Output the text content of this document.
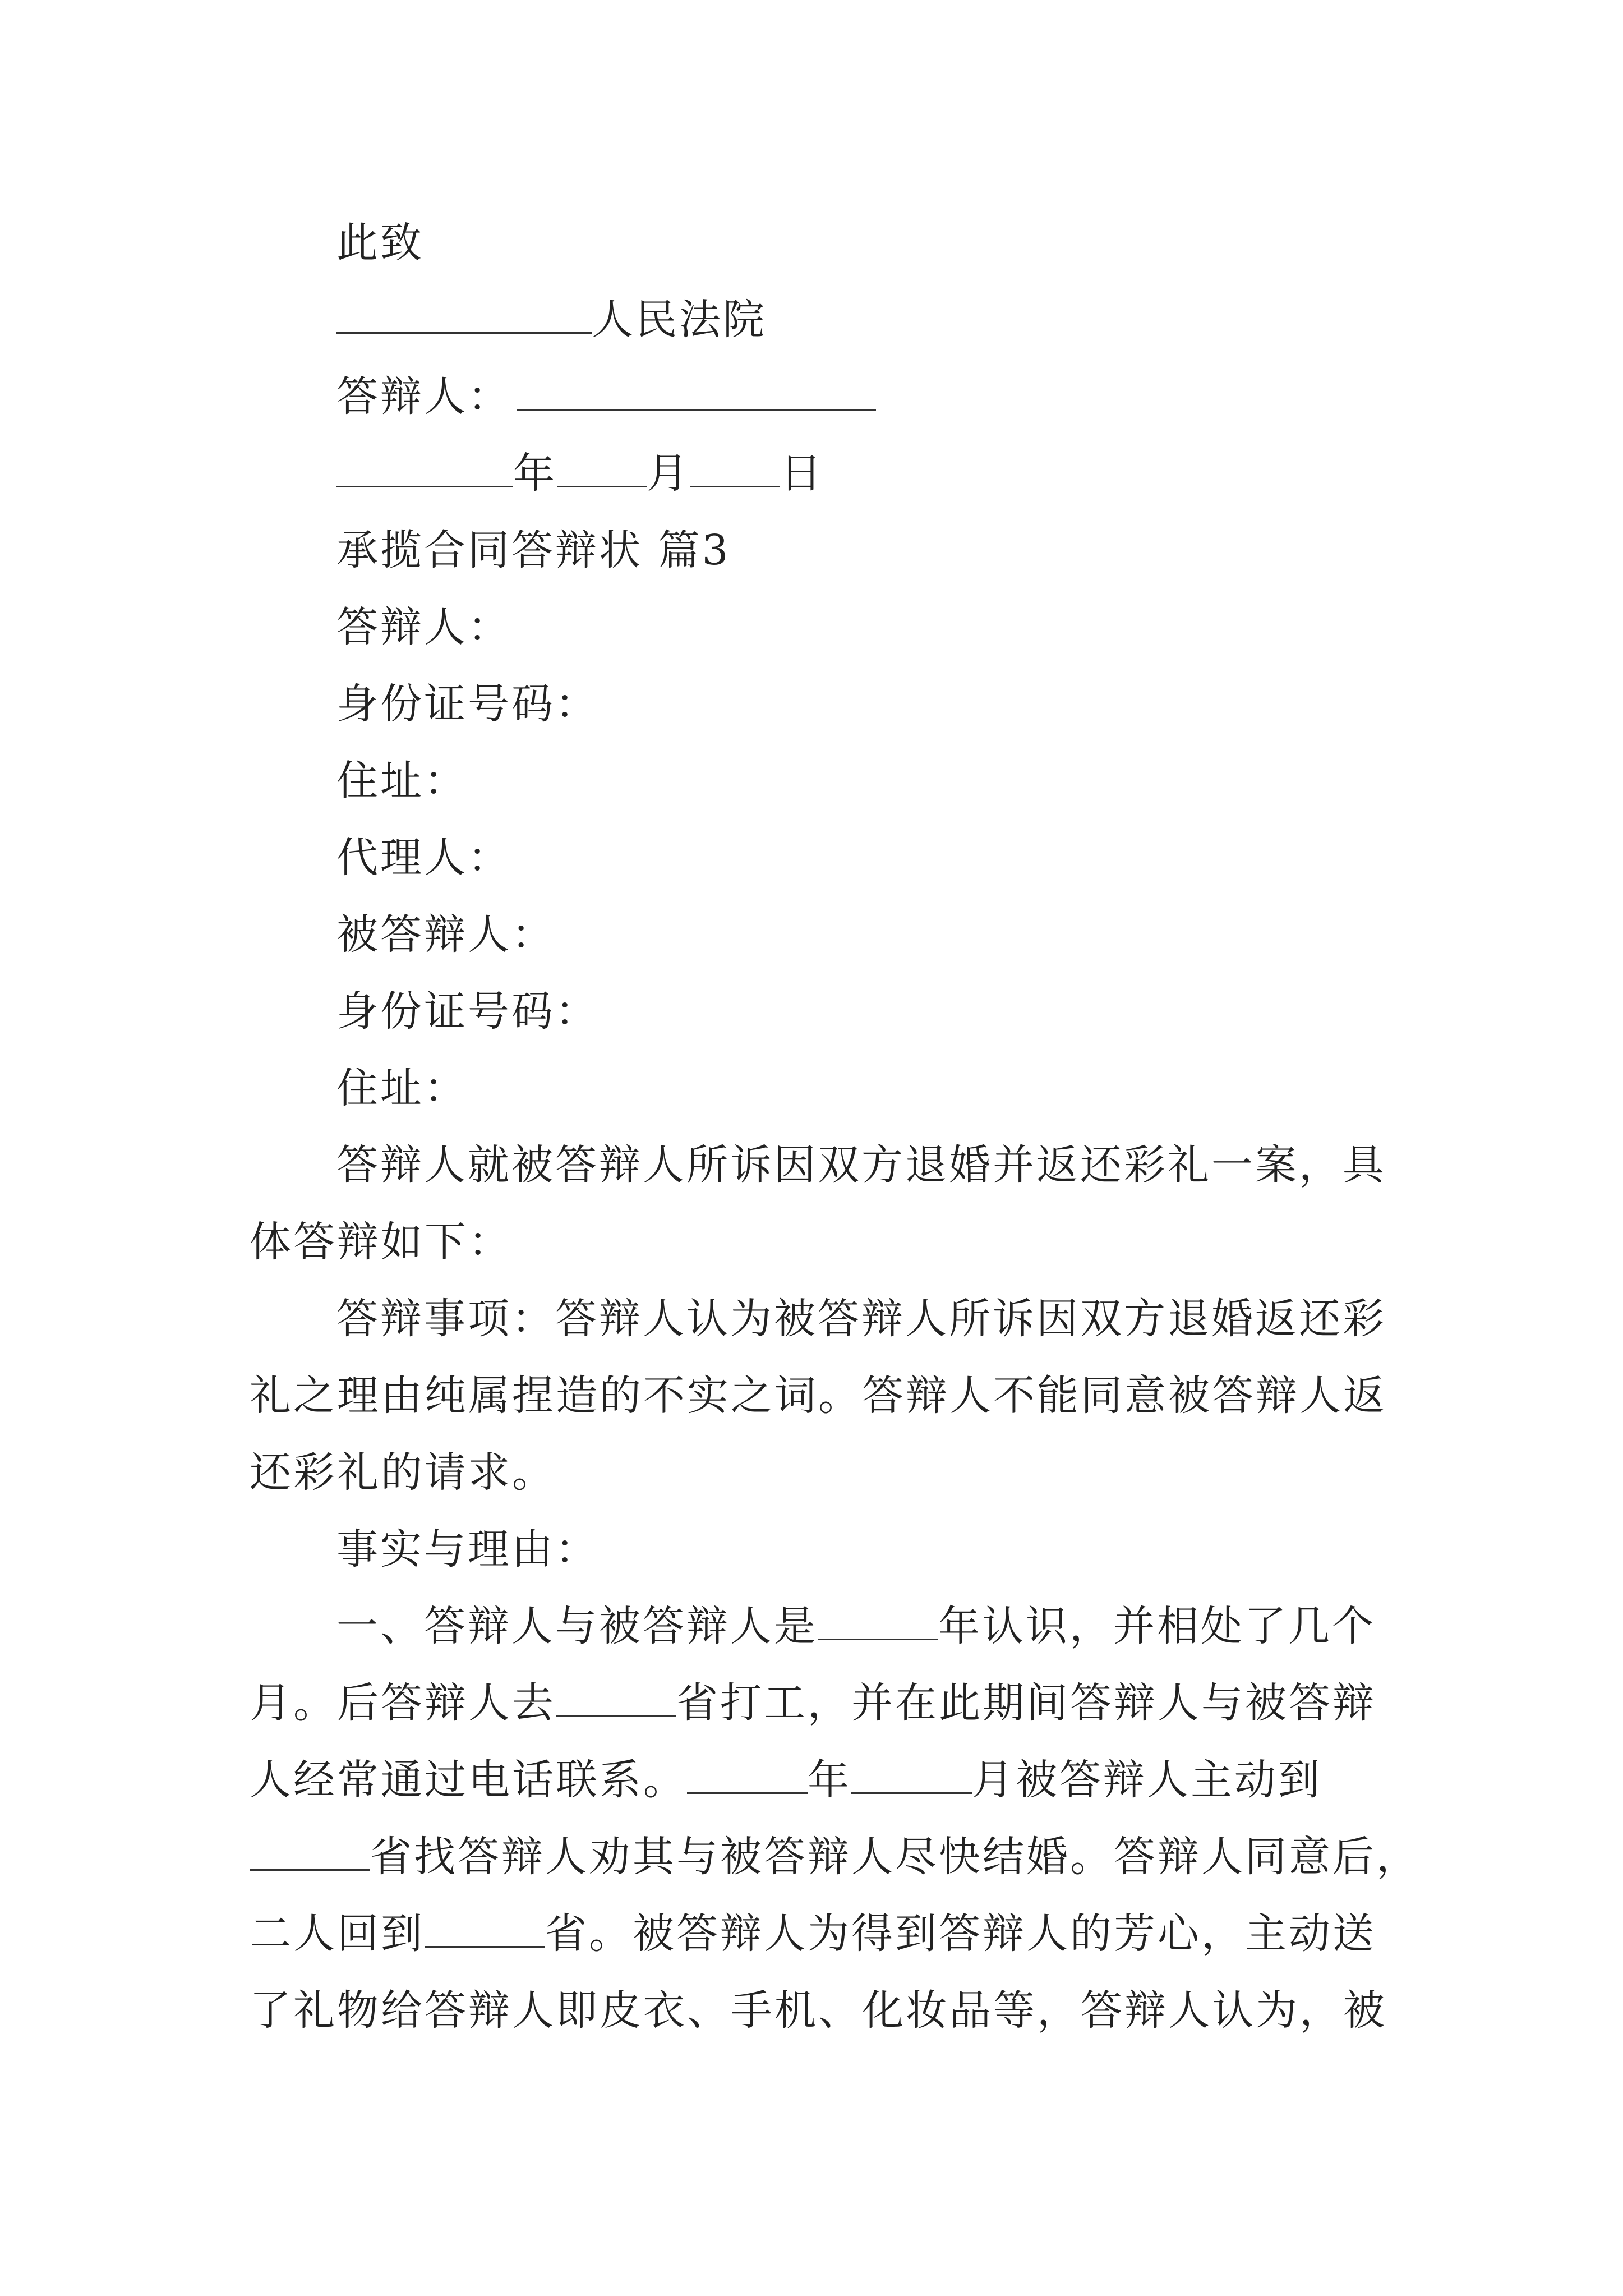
此致
人民法院
答辩人：
年 月 日
承揽合同答辩状 篇3
答辩人：
身份证号码：
住址：
代理人：
被答辩人：
身份证号码：
住址：
答辩人就被答辩人所诉因双方退婚并返还彩礼一案，具
体答辩如下：
答辩事项：答辩人认为被答辩人所诉因双方退婚返还彩
礼之理由纯属捏造的不实之词。答辩人不能同意被答辩人返
还彩礼的请求。
事实与理由：
一、答辩人与被答辩人是	年认识，并相处了几个
月。后答辩人去	省打工，并在此期间答辩人与被答辩
人经常通过电话联系。	年	月被答辩人主动到
省找答辩人劝其与被答辩人尽快结婚。答辩人同意后，
二人回到	省。被答辩人为得到答辩人的芳心，主动送
了礼物给答辩人即皮衣、手机、化妆品等，答辩人认为，被
